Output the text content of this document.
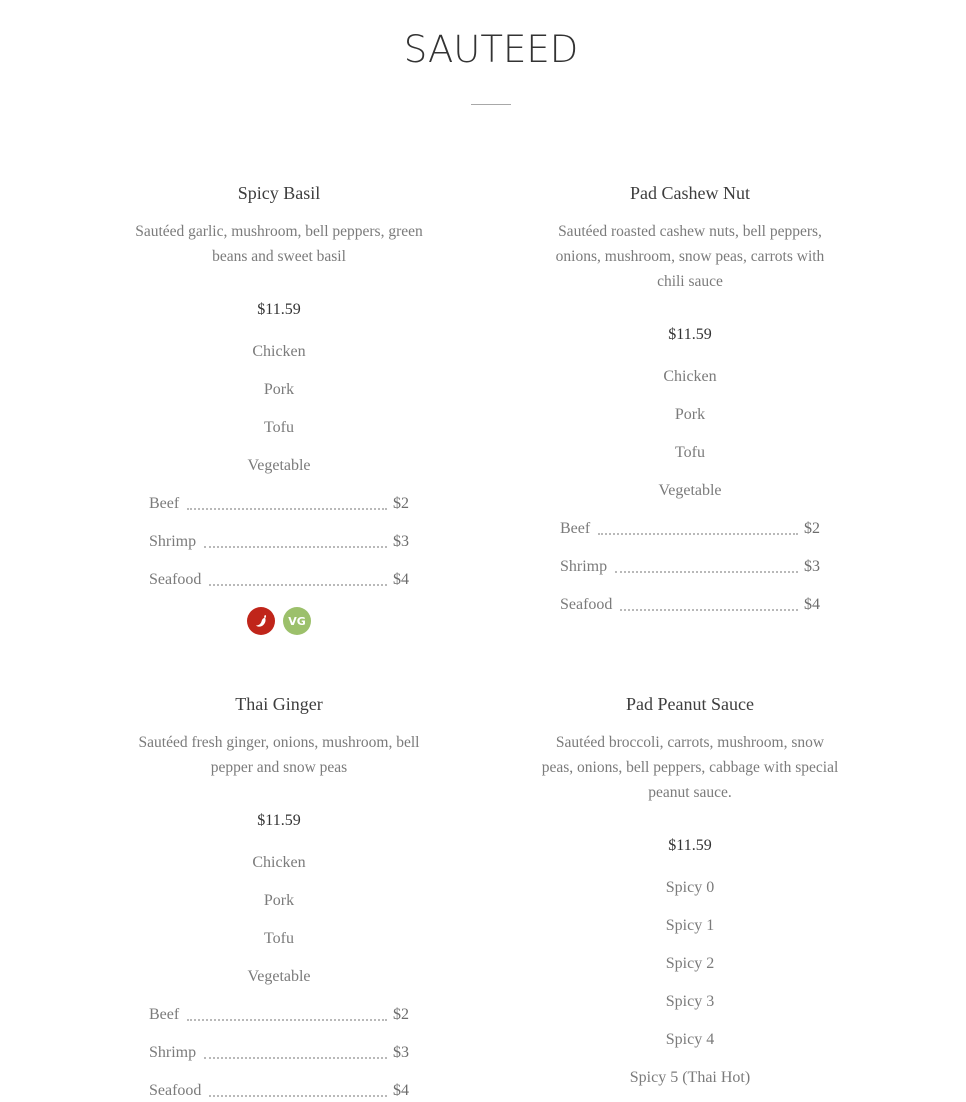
SAUTEED
Spicy Basil
Sautéed garlic, mushroom, bell peppers, green beans and sweet basil
$11.59
Chicken
Pork
Tofu
Vegetable
Beef	$2
Shrimp	$3
Seafood	$4
VG
Pad Cashew Nut
Sautéed roasted cashew nuts, bell peppers, onions, mushroom, snow peas, carrots with chili sauce
$11.59
Chicken
Pork
Tofu
Vegetable
Beef	$2
Shrimp	$3
Seafood	$4
Thai Ginger
Sautéed fresh ginger, onions, mushroom, bell pepper and snow peas
$11.59
Chicken
Pork
Tofu
Vegetable
Beef	$2
Shrimp	$3
Seafood	$4
Pad Peanut Sauce
Sautéed broccoli, carrots, mushroom, snow peas, onions, bell peppers, cabbage with special peanut sauce.
$11.59
Spicy 0
Spicy 1
Spicy 2
Spicy 3
Spicy 4
Spicy 5 (Thai Hot)
